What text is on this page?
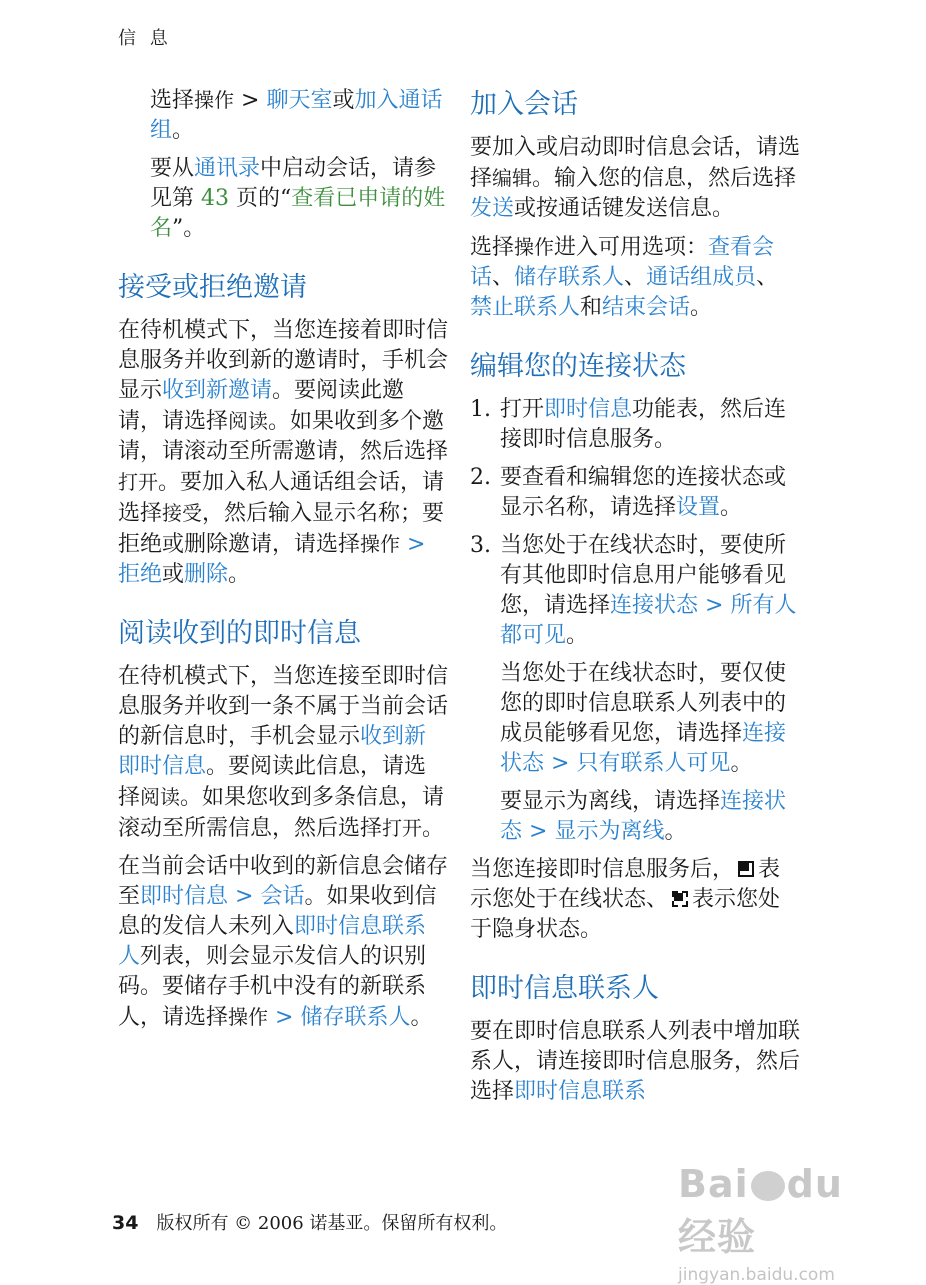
信 息

选择操作 > 聊天室或加入通话组。

要从通讯录中启动会话，请参见第 43 页的“查看已申请的姓名”。

接受或拒绝邀请

在待机模式下，当您连接着即时信息服务并收到新的邀请时，手机会显示收到新邀请。要阅读此邀请，请选择阅读。如果收到多个邀请，请滚动至所需邀请，然后选择打开。要加入私人通话组会话，请选择接受，然后输入显示名称；要拒绝或删除邀请，请选择操作 > 拒绝或删除。

阅读收到的即时信息

在待机模式下，当您连接至即时信息服务并收到一条不属于当前会话的新信息时，手机会显示收到新即时信息。要阅读此信息，请选择阅读。如果您收到多条信息，请滚动至所需信息，然后选择打开。

在当前会话中收到的新信息会储存至即时信息 > 会话。如果收到信息的发信人未列入即时信息联系人列表，则会显示发信人的识别码。要储存手机中没有的新联系人，请选择操作 > 储存联系人。

加入会话

要加入或启动即时信息会话，请选择编辑。输入您的信息，然后选择发送或按通话键发送信息。

选择操作进入可用选项：查看会话、储存联系人、通话组成员、禁止联系人和结束会话。

编辑您的连接状态
1. 打开即时信息功能表，然后连接即时信息服务。
2. 要查看和编辑您的连接状态或显示名称，请选择设置。
3. 当您处于在线状态时，要使所有其他即时信息用户能够看见您，请选择连接状态 > 所有人都可见。

当您处于在线状态时，要仅使您的即时信息联系人列表中的成员能够看见您，请选择连接状态 > 只有联系人可见。

要显示为离线，请选择连接状态 > 显示为离线。

当您连接即时信息服务后， 表示您处于在线状态、 表示您处于隐身状态。

即时信息联系人

要在即时信息联系人列表中增加联系人，请连接即时信息服务，然后选择即时信息联系

34 版权所有 © 2006 诺基亚。保留所有权利。
Bai du经验
jingyan.baidu.com
